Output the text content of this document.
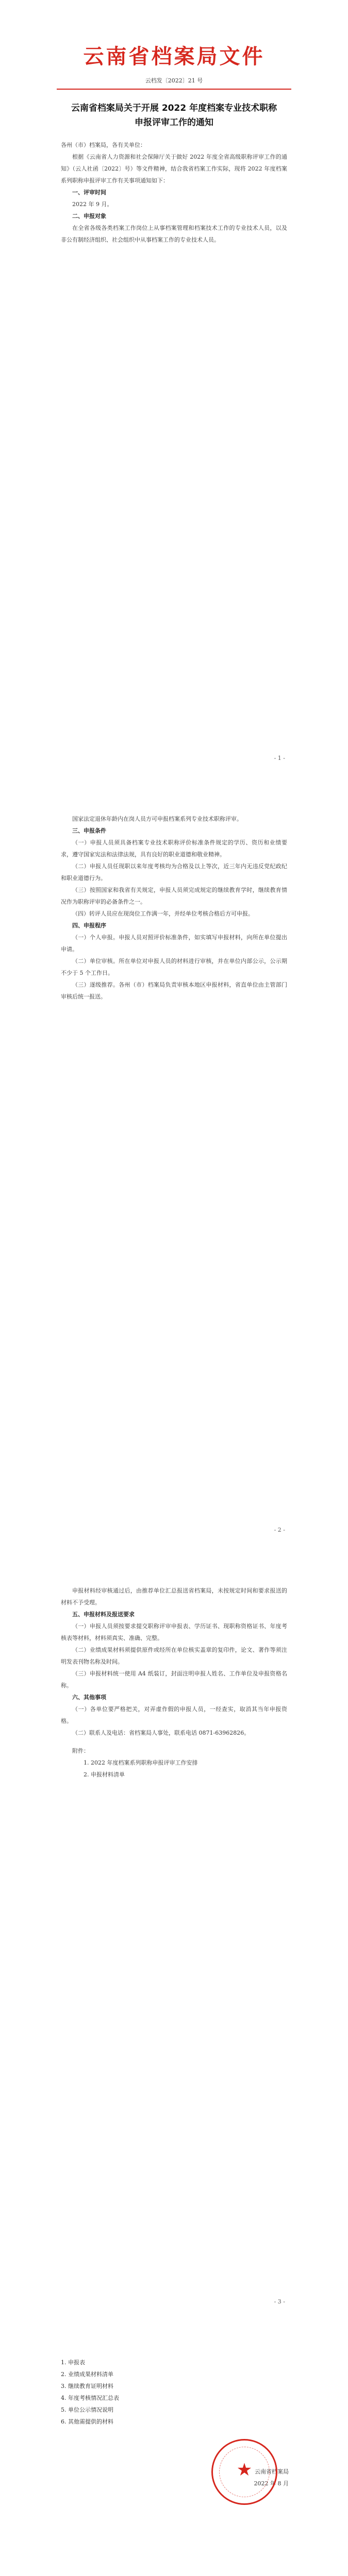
云南省档案局文件
云档发〔2022〕21 号
云南省档案局关于开展 2022 年度档案专业技术职称申报评审工作的通知

各州（市）档案局，各有关单位：

根据《云南省人力资源和社会保障厅关于做好 2022 年度全省高级职称评审工作的通知》（云人社函〔2022〕号）等文件精神，结合我省档案工作实际，现将 2022 年度档案系列职称申报评审工作有关事项通知如下：

一、评审时间

2022 年 9 月。

二、申报对象

在全省各级各类档案工作岗位上从事档案管理和档案技术工作的专业技术人员，以及非公有制经济组织、社会组织中从事档案工作的专业技术人员。

- 1 -

国家法定退休年龄内在岗人员方可申报档案系列专业技术职称评审。

三、申报条件

（一）申报人员须具备档案专业技术职称评价标准条件规定的学历、资历和业绩要求，遵守国家宪法和法律法规，具有良好的职业道德和敬业精神。

（二）申报人员任现职以来年度考核均为合格及以上等次，近三年内无违反党纪政纪和职业道德行为。

（三）按照国家和我省有关规定，申报人员须完成规定的继续教育学时，继续教育情况作为职称评审的必备条件之一。

（四）转评人员应在现岗位工作满一年，并经单位考核合格后方可申报。

四、申报程序

（一）个人申报。申报人员对照评价标准条件，如实填写申报材料，向所在单位提出申请。

（二）单位审核。所在单位对申报人员的材料进行审核，并在单位内部公示，公示期不少于 5 个工作日。

（三）逐级推荐。各州（市）档案局负责审核本地区申报材料，省直单位由主管部门审核后统一报送。

- 2 -

申报材料经审核通过后，由推荐单位汇总报送省档案局，未按规定时间和要求报送的材料不予受理。

五、申报材料及报送要求

（一）申报人员须按要求提交职称评审申报表、学历证书、现职称资格证书、年度考核表等材料，材料须真实、准确、完整。

（二）业绩成果材料须提供原件或经所在单位核实盖章的复印件，论文、著作等须注明发表刊物名称及时间。

（三）申报材料统一使用 A4 纸装订，封面注明申报人姓名、工作单位及申报资格名称。

六、其他事项

（一）各单位要严格把关，对弄虚作假的申报人员，一经查实，取消其当年申报资格。

（二）联系人及电话：省档案局人事处，联系电话 0871-63962826。

附件：

1. 2022 年度档案系列职称申报评审工作安排

2. 申报材料清单

- 3 -

1. 申报表

2. 业绩成果材料清单

3. 继续教育证明材料

4. 年度考核情况汇总表

5. 单位公示情况说明

6. 其他需提供的材料

云南省档案局

2022 年 8 月

★
